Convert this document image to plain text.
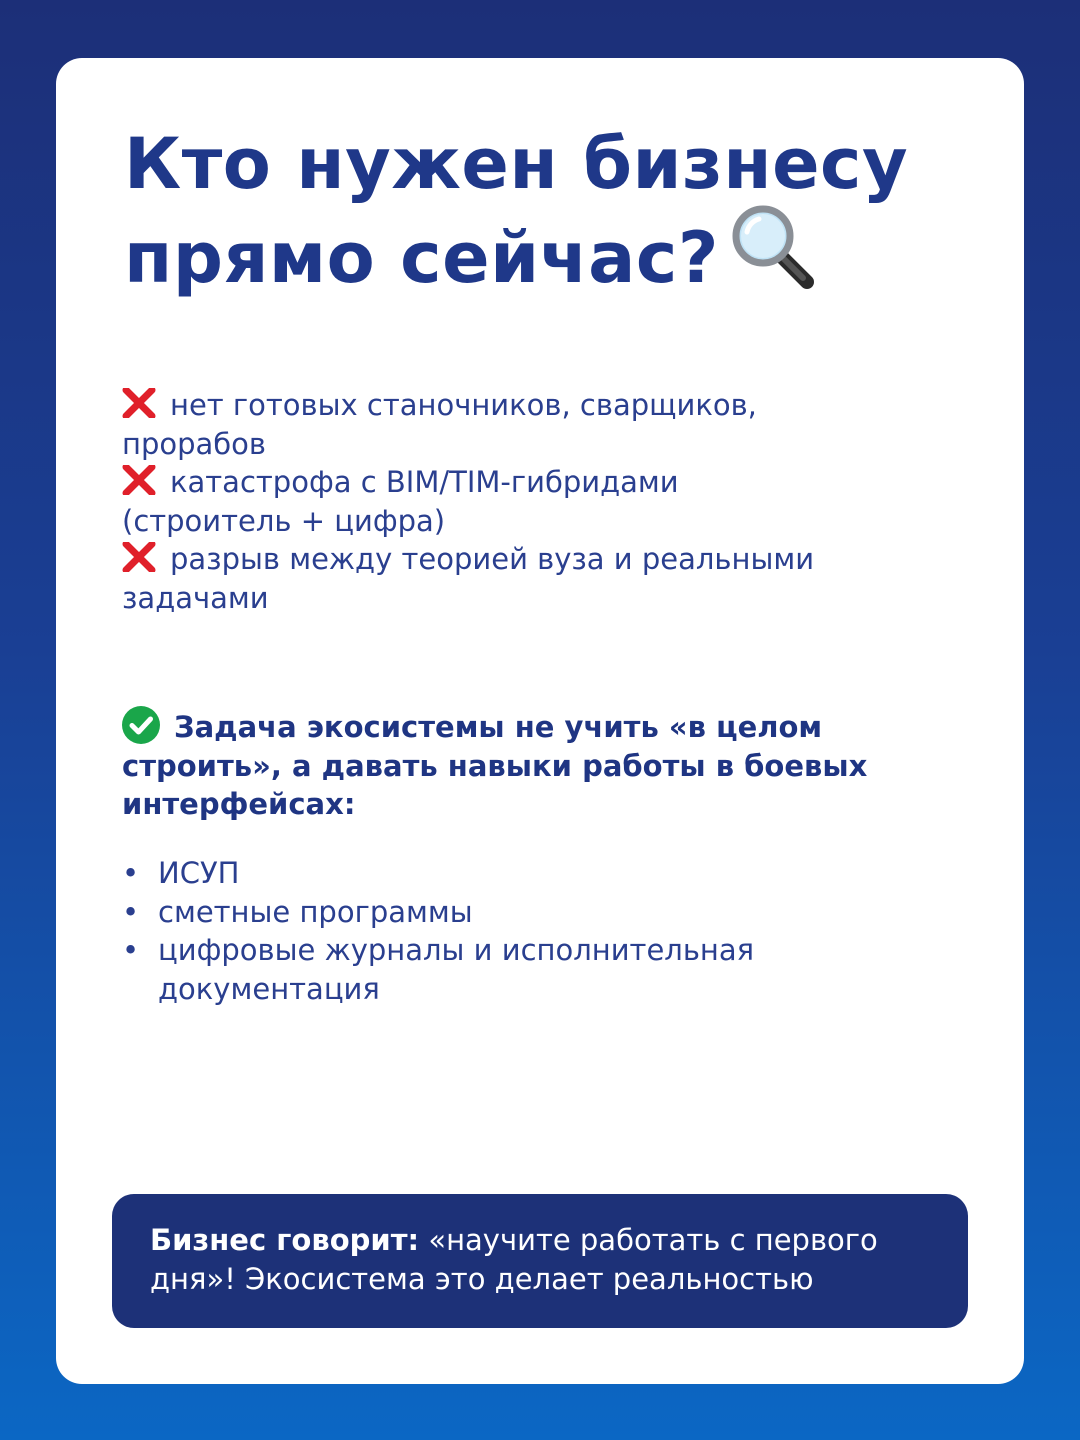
Кто нужен бизнесу
прямо сейчас?
нет готовых станочников, сварщиков,
прорабов
катастрофа с BIM/TIM-гибридами
(строитель + цифра)
разрыв между теорией вуза и реальными
задачами

Задача экосистемы не учить «в целом
строить», а давать навыки работы в боевых
интерфейсах:

• ИСУП
• сметные программы
• цифровые журналы и исполнительная
документация

Бизнес говорит: «научите работать с первого
дня»! Экосистема это делает реальностью
